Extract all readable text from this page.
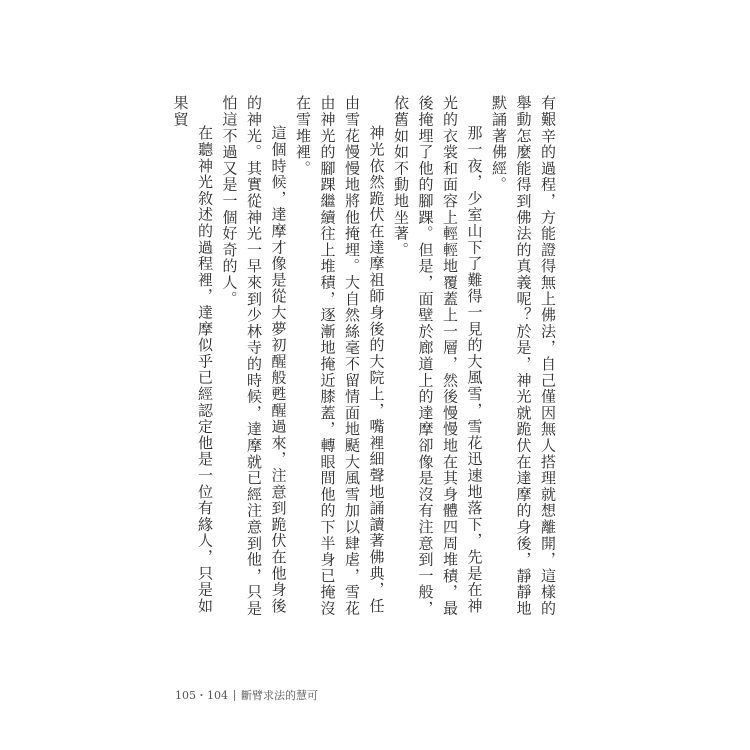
有艱辛的過程，方能證得無上佛法，自己僅因無人搭理就想離開，這樣的舉動怎麼能得到佛法的真義呢？於是，神光就跪伏在達摩的身後，靜靜地默誦著佛經。

那一夜，少室山下了難得一見的大風雪，雪花迅速地落下，先是在神光的衣裳和面容上輕輕地覆蓋上一層，然後慢慢地在其身體四周堆積，最後掩埋了他的腳踝。但是，面壁於廊道上的達摩卻像是沒有注意到一般，依舊如如不動地坐著。

神光依然跪伏在達摩祖師身後的大院上，嘴裡細聲地誦讀著佛典，任由雪花慢慢地將他掩埋。大自然絲毫不留情面地颳大風雪加以肆虐，雪花由神光的腳踝繼續往上堆積，逐漸地掩近膝蓋，轉眼間他的下半身已掩沒在雪堆裡。

這個時候，達摩才像是從大夢初醒般甦醒過來，注意到跪伏在他身後的神光。其實從神光一早來到少林寺的時候，達摩就已經注意到他，只是怕這不過又是一個好奇的人。

在聽神光敘述的過程裡，達摩似乎已經認定他是一位有緣人，只是如果貿

105・104 斷臂求法的慧可
